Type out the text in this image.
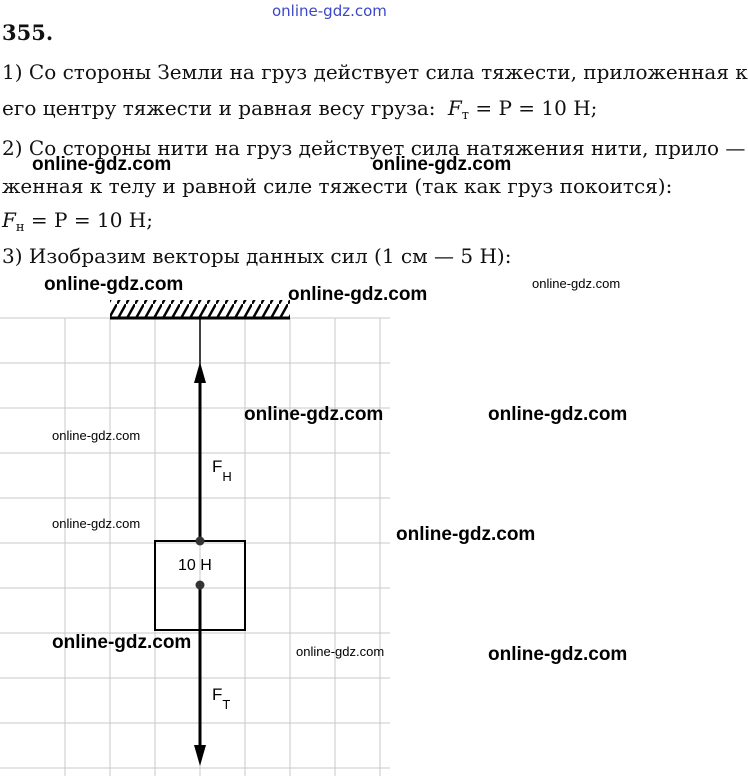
online-gdz.com
355.
1) Со стороны Земли на груз действует сила тяжести, приложенная к
его центру тяжести и равная весу груза: $F_т = P = 10$ Н;
2) Со стороны нити на груз действует сила натяжения нити, прило —
женная к телу и равной силе тяжести (так как груз покоится):
$F_н = P = 10$ Н;
3) Изобразим векторы данных сил (1 см — 5 Н):
10 Н
$F_Н$
$F_Т$
online-gdz.com	online-gdz.com
online-gdz.com	online-gdz.com
online-gdz.com
online-gdz.com	online-gdz.com
online-gdz.com
online-gdz.com
online-gdz.com
online-gdz.com	online-gdz.com	online-gdz.com
